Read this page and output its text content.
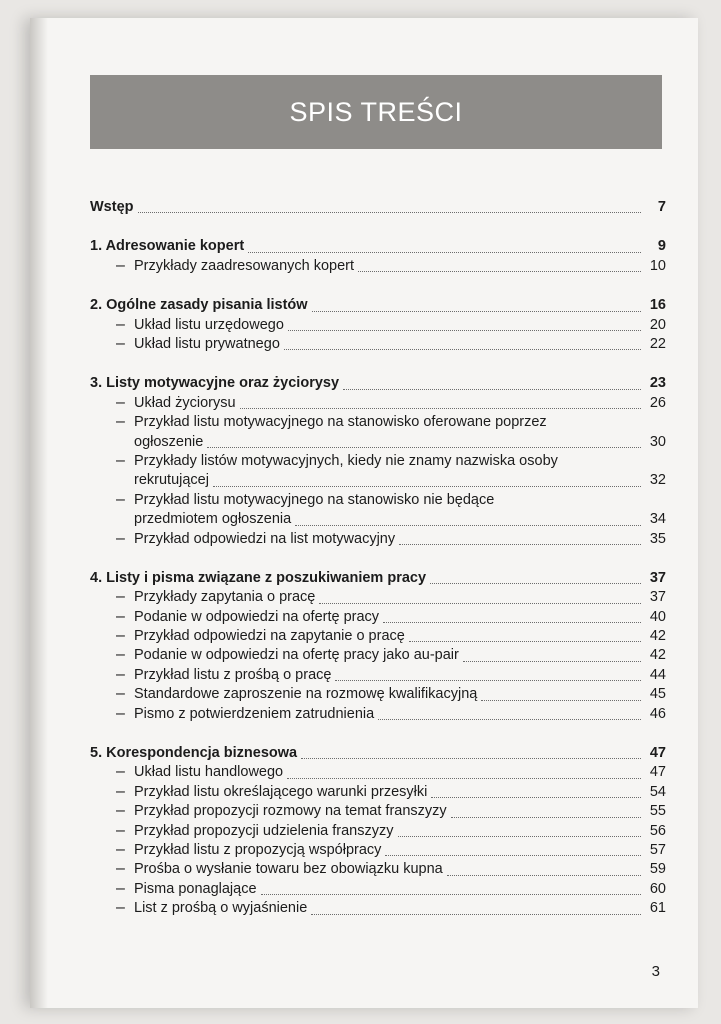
SPIS TREŚCI
Wstęp	7
1. Adresowanie kopert	9
– Przykłady zaadresowanych kopert	10
2. Ogólne zasady pisania listów	16
– Układ listu urzędowego	20
– Układ listu prywatnego	22
3. Listy motywacyjne oraz życiorysy	23
– Układ życiorysu	26
– Przykład listu motywacyjnego na stanowisko oferowane poprzez
ogłoszenie	30
– Przykłady listów motywacyjnych, kiedy nie znamy nazwiska osoby
rekrutującej	32
– Przykład listu motywacyjnego na stanowisko nie będące
przedmiotem ogłoszenia	34
– Przykład odpowiedzi na list motywacyjny	35
4. Listy i pisma związane z poszukiwaniem pracy	37
– Przykłady zapytania o pracę	37
– Podanie w odpowiedzi na ofertę pracy	40
– Przykład odpowiedzi na zapytanie o pracę	42
– Podanie w odpowiedzi na ofertę pracy jako au-pair	42
– Przykład listu z prośbą o pracę	44
– Standardowe zaproszenie na rozmowę kwalifikacyjną	45
– Pismo z potwierdzeniem zatrudnienia	46
5. Korespondencja biznesowa	47
– Układ listu handlowego	47
– Przykład listu określającego warunki przesyłki	54
– Przykład propozycji rozmowy na temat franszyzy	55
– Przykład propozycji udzielenia franszyzy	56
– Przykład listu z propozycją współpracy	57
– Prośba o wysłanie towaru bez obowiązku kupna	59
– Pisma ponaglające	60
– List z prośbą o wyjaśnienie	61
3
